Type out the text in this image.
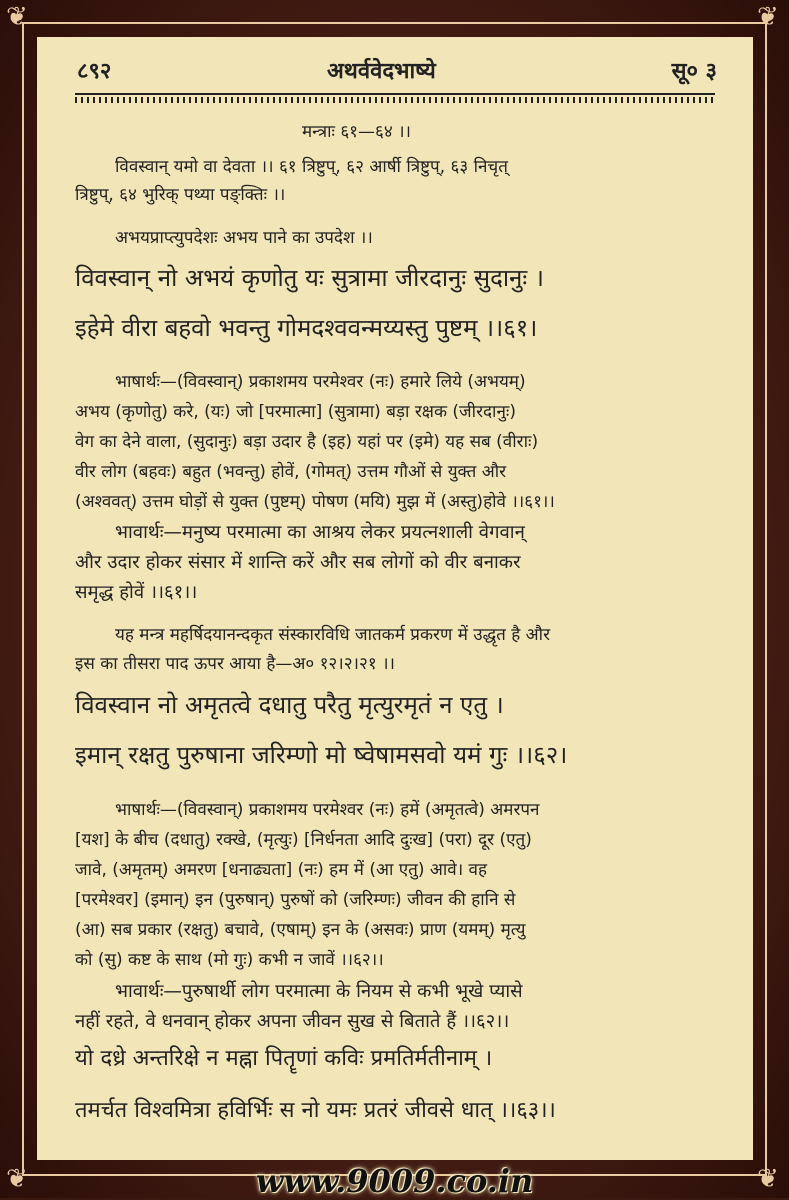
❦	❦
❦	❦
८९२	अथर्ववेदभाष्ये	सू० ३
मन्त्राः ६१—६४ ।।
विवस्वान् यमो वा देवता ।। ६१ त्रिष्टुप्, ६२ आर्षी त्रिष्टुप्, ६३ निचृत्
त्रिष्टुप्, ६४ भुरिक् पथ्या पङ्क्तिः ।।
अभयप्राप्त्युपदेशः अभय पाने का उपदेश ।।
विवस्वान् नो अभयं कृणोतु यः सुत्रामा जीरदानुः सुदानुः ।
इहेमे वीरा बहवो भवन्तु गोमदश्ववन्मय्यस्तु पुष्टम् ।।६१।
भाषार्थः—(विवस्वान्) प्रकाशमय परमेश्वर (नः) हमारे लिये (अभयम्)
अभय (कृणोतु) करे, (यः) जो [परमात्मा] (सुत्रामा) बड़ा रक्षक (जीरदानुः)
वेग का देने वाला, (सुदानुः) बड़ा उदार है (इह) यहां पर (इमे) यह सब (वीराः)
वीर लोग (बहवः) बहुत (भवन्तु) होवें, (गोमत्) उत्तम गौओं से युक्त और
(अश्ववत्) उत्तम घोड़ों से युक्त (पुष्टम्) पोषण (मयि) मुझ में (अस्तु)होवे ।।६१।।
भावार्थः—मनुष्य परमात्मा का आश्रय लेकर प्रयत्नशाली वेगवान्
और उदार होकर संसार में शान्ति करें और सब लोगों को वीर बनाकर
समृद्ध होवें ।।६१।।
यह मन्त्र महर्षिदयानन्दकृत संस्कारविधि जातकर्म प्रकरण में उद्धृत है और
इस का तीसरा पाद ऊपर आया है—अ० १२।२।२१ ।।
विवस्वान नो अमृतत्वे दधातु परैतु मृत्युरमृतं न एतु ।
इमान् रक्षतु पुरुषाना जरिम्णो मो ष्वेषामसवो यमं गुः ।।६२।
भाषार्थः—(विवस्वान्) प्रकाशमय परमेश्वर (नः) हमें (अमृतत्वे) अमरपन
[यश] के बीच (दधातु) रक्खे, (मृत्युः) [निर्धनता आदि दुःख] (परा) दूर (एतु)
जावे, (अमृतम्) अमरण [धनाढ्यता] (नः) हम में (आ एतु) आवे। वह
[परमेश्वर] (इमान्) इन (पुरुषान्) पुरुषों को (जरिम्णः) जीवन की हानि से
(आ) सब प्रकार (रक्षतु) बचावे, (एषाम्) इन के (असवः) प्राण (यमम्) मृत्यु
को (सु) कष्ट के साथ (मो गुः) कभी न जावें ।।६२।।
भावार्थः—पुरुषार्थी लोग परमात्मा के नियम से कभी भूखे प्यासे
नहीं रहते, वे धनवान् होकर अपना जीवन सुख से बिताते हैं ।।६२।।
यो दध्रे अन्तरिक्षे न मह्ना पितॄणां कविः प्रमतिर्मतीनाम् ।
तमर्चत विश्वमित्रा हविर्भिः स नो यमः प्रतरं जीवसे धात् ।।६३।।
www.9009.co.in
